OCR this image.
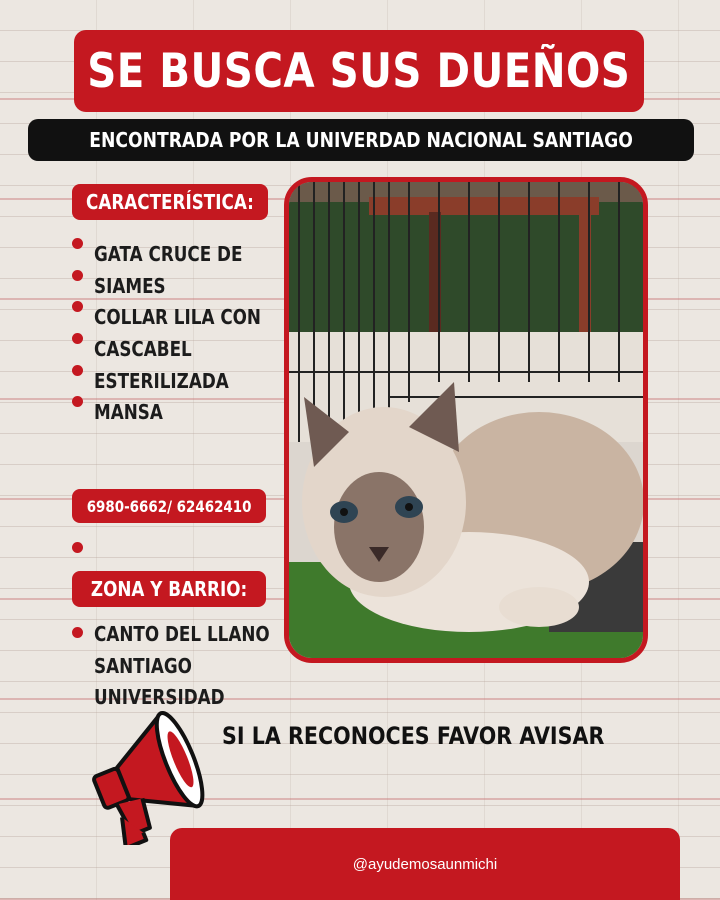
SE BUSCA SUS DUEÑOS
ENCONTRADA POR LA UNIVERDAD NACIONAL SANTIAGO
CARACTERÍSTICA:
GATA CRUCE DE
SIAMES
COLLAR LILA CON
CASCABEL
ESTERILIZADA
MANSA
6980-6662/ 62462410
ZONA Y BARRIO:
CANTO DEL LLANO
SANTIAGO
UNIVERSIDAD
SI LA RECONOCES FAVOR AVISAR
@ayudemosaunmichi
